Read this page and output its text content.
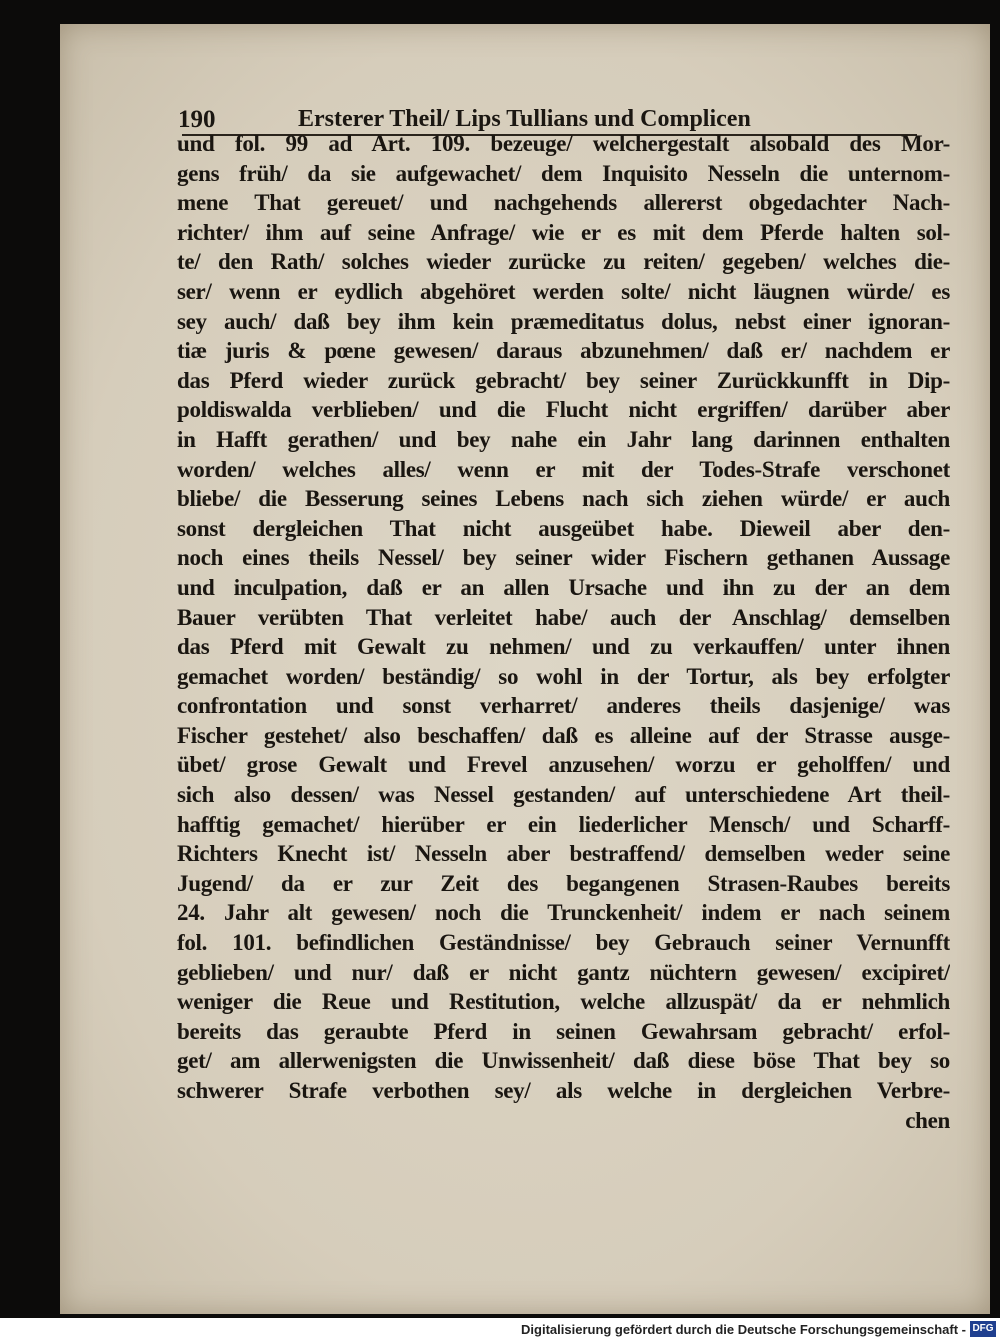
190	Ersterer Theil/ Lips Tullians und Complicen
und fol. 99 ad Art. 109. bezeuge/ welchergestalt alsobald des Mor-
gens früh/ da sie aufgewachet/ dem Inquisito Nesseln die unternom-
mene That gereuet/ und nachgehends allererst obgedachter Nach-
richter/ ihm auf seine Anfrage/ wie er es mit dem Pferde halten sol-
te/ den Rath/ solches wieder zurücke zu reiten/ gegeben/ welches die-
ser/ wenn er eydlich abgehöret werden solte/ nicht läugnen würde/ es
sey auch/ daß bey ihm kein præmeditatus dolus, nebst einer ignoran-
tiæ juris & pœne gewesen/ daraus abzunehmen/ daß er/ nachdem er
das Pferd wieder zurück gebracht/ bey seiner Zurückkunfft in Dip-
poldiswalda verblieben/ und die Flucht nicht ergriffen/ darüber aber
in Hafft gerathen/ und bey nahe ein Jahr lang darinnen enthalten
worden/ welches alles/ wenn er mit der Todes-Strafe verschonet
bliebe/ die Besserung seines Lebens nach sich ziehen würde/ er auch
sonst dergleichen That nicht ausgeübet habe. Dieweil aber den-
noch eines theils Nessel/ bey seiner wider Fischern gethanen Aussage
und inculpation, daß er an allen Ursache und ihn zu der an dem
Bauer verübten That verleitet habe/ auch der Anschlag/ demselben
das Pferd mit Gewalt zu nehmen/ und zu verkauffen/ unter ihnen
gemachet worden/ beständig/ so wohl in der Tortur, als bey erfolgter
confrontation und sonst verharret/ anderes theils dasjenige/ was
Fischer gestehet/ also beschaffen/ daß es alleine auf der Strasse ausge-
übet/ grose Gewalt und Frevel anzusehen/ worzu er geholffen/ und
sich also dessen/ was Nessel gestanden/ auf unterschiedene Art theil-
hafftig gemachet/ hierüber er ein liederlicher Mensch/ und Scharff-
Richters Knecht ist/ Nesseln aber bestraffend/ demselben weder seine
Jugend/ da er zur Zeit des begangenen Strasen-Raubes bereits
24. Jahr alt gewesen/ noch die Trunckenheit/ indem er nach seinem
fol. 101. befindlichen Geständnisse/ bey Gebrauch seiner Vernunfft
geblieben/ und nur/ daß er nicht gantz nüchtern gewesen/ excipiret/
weniger die Reue und Restitution, welche allzuspät/ da er nehmlich
bereits das geraubte Pferd in seinen Gewahrsam gebracht/ erfol-
get/ am allerwenigsten die Unwissenheit/ daß diese böse That bey so
schwerer Strafe verbothen sey/ als welche in dergleichen Verbre-
chen
Digitalisierung gefördert durch die Deutsche Forschungsgemeinschaft - DFG
